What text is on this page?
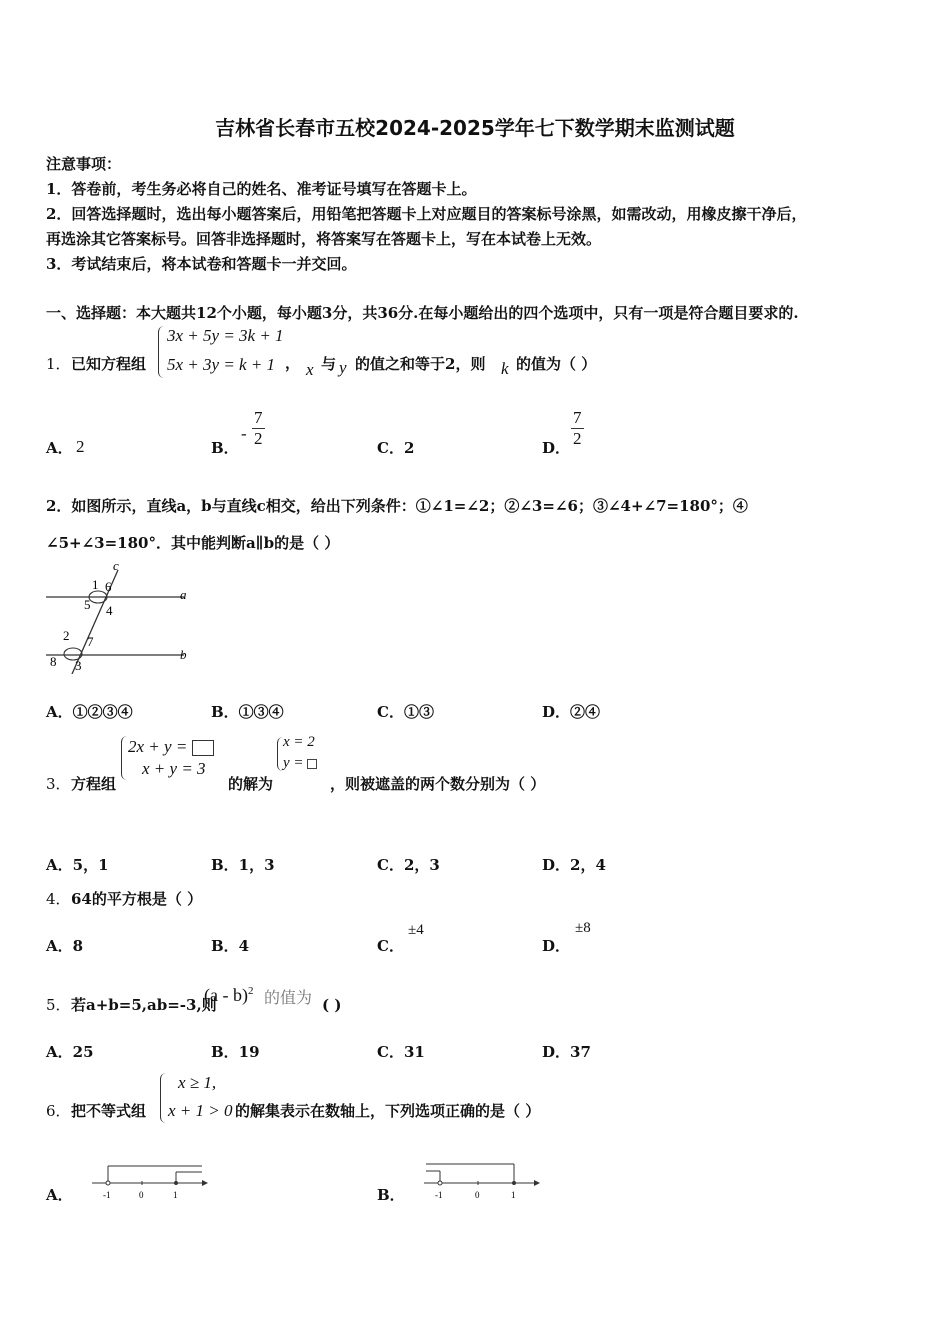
吉林省长春市五校2024-2025学年七下数学期末监测试题
注意事项：
1．答卷前，考生务必将自己的姓名、准考证号填写在答题卡上。
2．回答选择题时，选出每小题答案后，用铅笔把答题卡上对应题目的答案标号涂黑，如需改动，用橡皮擦干净后，
再选涂其它答案标号。回答非选择题时，将答案写在答题卡上，写在本试卷上无效。
3．考试结束后，将本试卷和答题卡一并交回。
一、选择题：本大题共12个小题，每小题3分，共36分.在每小题给出的四个选项中，只有一项是符合题目要求的.
1． 已知方程组
3x + 5y = 3k + 1
5x + 3y = k + 1 ， x 与 y 的值之和等于2，则 k 的值为（ ）
A． 2	B．
- $\frac{7}{2}$	C．2	D． $\frac{7}{2}$
2．如图所示，直线a，b与直线c相交，给出下列条件：①∠1=∠2；②∠3=∠6；③∠4+∠7=180°；④
∠5+∠3=180°．其中能判断a∥b的是（ ）
c
a
b
1 6
5 4
2 7
8 3
A．①②③④	B．①③④	C．①③	D．②④
3． 方程组
2x + y =
x + y = 3
的解为
x = 2
y =
，则被遮盖的两个数分别为（ ）
A．5，1	B．1，3	C．2，3	D．2，4
4． 64的平方根是（ ）
A．8	B．4	C．
±4
D．
±8
5． 若a+b=5,ab=-3,则
(a - b)$^2$ 的值为 ( )
A．25	B．19	C．31	D．37
6． 把不等式组
x ≥ 1,
x + 1 > 0 的解集表示在数轴上，下列选项正确的是（ ）
A．	-1	0	1	B．	-1	0	1
